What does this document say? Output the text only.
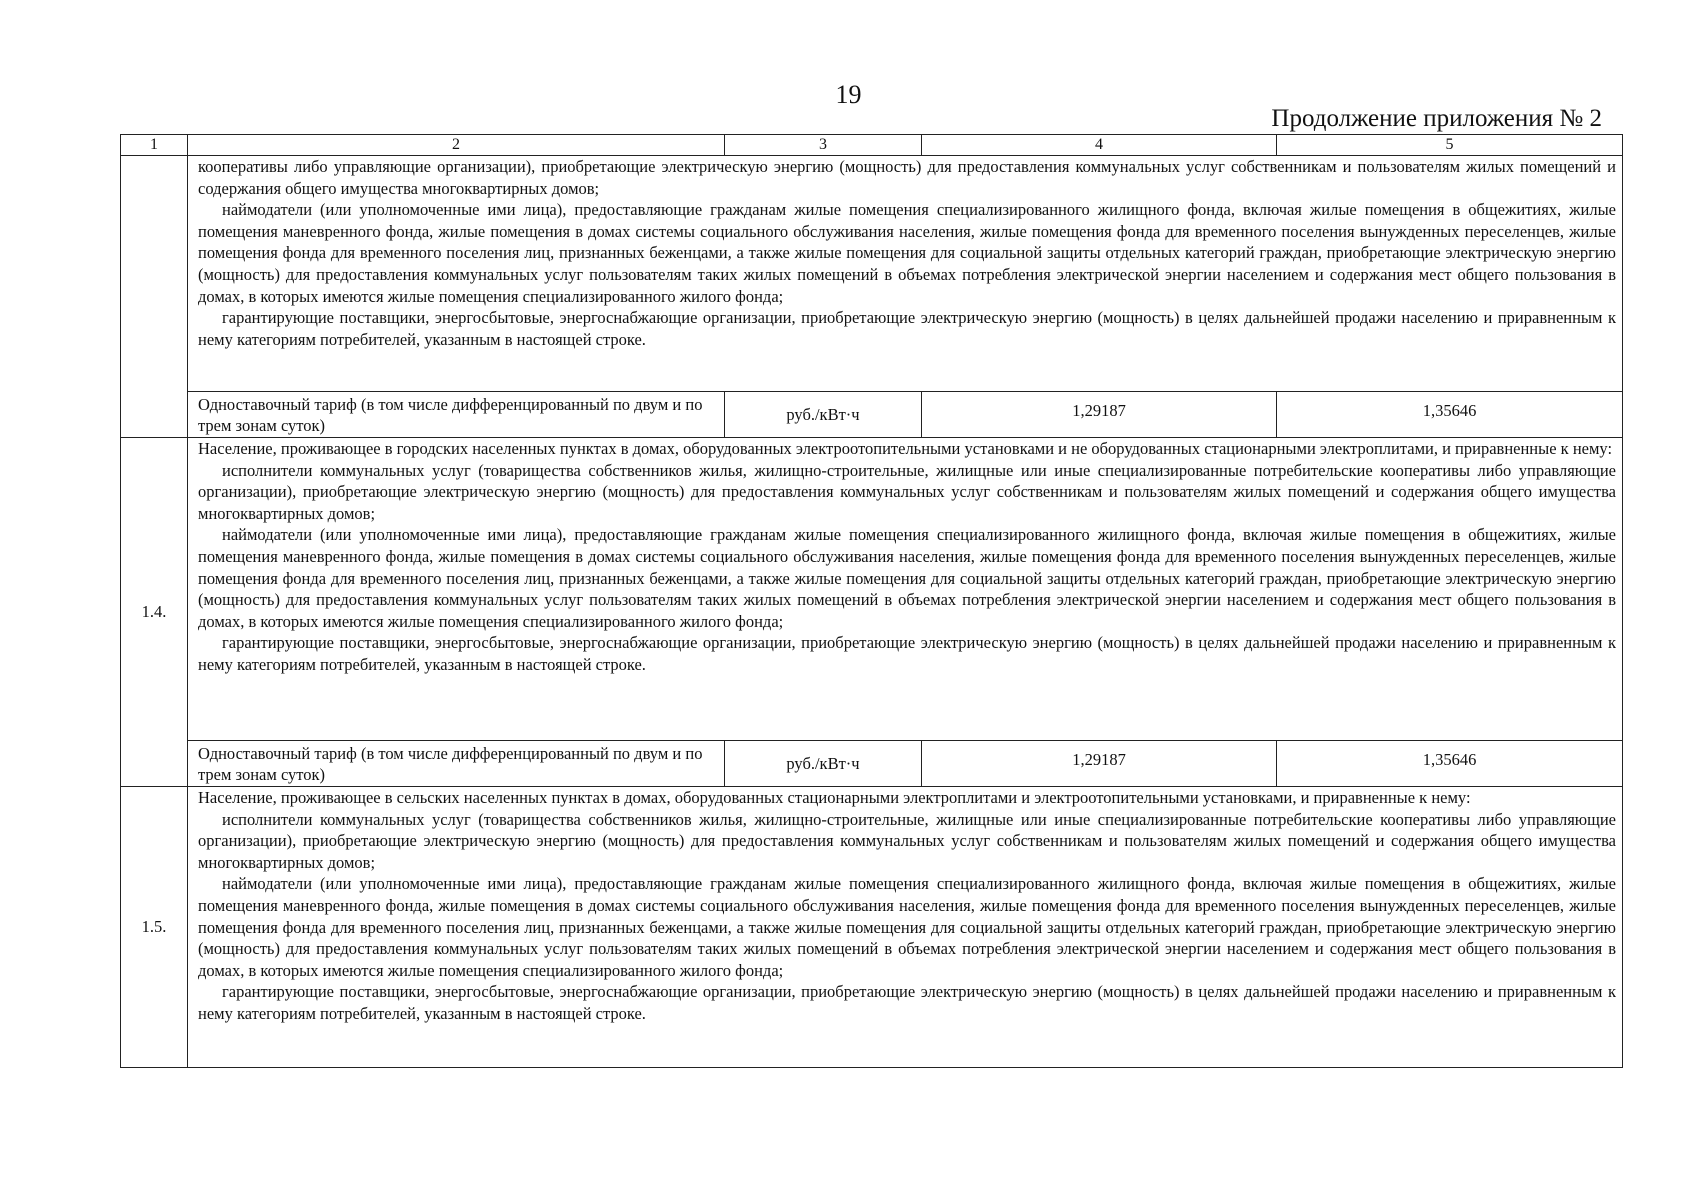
19
Продолжение приложения № 2
1	2	3	4	5

	кооперативы либо управляющие организации), приобретающие электрическую энергию (мощность) для предоставления коммунальных услуг собственникам и пользователям жилых помещений и содержания общего имущества многоквартирных домов;

наймодатели (или уполномоченные ими лица), предоставляющие гражданам жилые помещения специализированного жилищного фонда, включая жилые помещения в общежитиях, жилые помещения маневренного фонда, жилые помещения в домах системы социального обслуживания населения, жилые помещения фонда для временного поселения вынужденных переселенцев, жилые помещения фонда для временного поселения лиц, признанных беженцами, а также жилые помещения для социальной защиты отдельных категорий граждан, приобретающие электрическую энергию (мощность) для предоставления коммунальных услуг пользователям таких жилых помещений в объемах потребления электрической энергии населением и содержания мест общего пользования в домах, в которых имеются жилые помещения специализированного жилого фонда;

гарантирующие поставщики, энергосбытовые, энергоснабжающие организации, приобретающие электрическую энергию (мощность) в целях дальнейшей продажи населению и приравненным к нему категориям потребителей, указанным в настоящей строке.			

	Одноставочный тариф (в том числе дифференцированный по двум и по трем зонам суток)	руб./кВт·ч	1,29187	1,35646
1.4.	Население, проживающее в городских населенных пунктах в домах, оборудованных электроотопительными установками и не оборудованных стационарными электроплитами, и приравненные к нему:

исполнители коммунальных услуг (товарищества собственников жилья, жилищно-строительные, жилищные или иные специализированные потребительские кооперативы либо управляющие организации), приобретающие электрическую энергию (мощность) для предоставления коммунальных услуг собственникам и пользователям жилых помещений и содержания общего имущества многоквартирных домов;

наймодатели (или уполномоченные ими лица), предоставляющие гражданам жилые помещения специализированного жилищного фонда, включая жилые помещения в общежитиях, жилые помещения маневренного фонда, жилые помещения в домах системы социального обслуживания населения, жилые помещения фонда для временного поселения вынужденных переселенцев, жилые помещения фонда для временного поселения лиц, признанных беженцами, а также жилые помещения для социальной защиты отдельных категорий граждан, приобретающие электрическую энергию (мощность) для предоставления коммунальных услуг пользователям таких жилых помещений в объемах потребления электрической энергии населением и содержания мест общего пользования в домах, в которых имеются жилые помещения специализированного жилого фонда;

гарантирующие поставщики, энергосбытовые, энергоснабжающие организации, приобретающие электрическую энергию (мощность) в целях дальнейшей продажи населению и приравненным к нему категориям потребителей, указанным в настоящей строке.			

	Одноставочный тариф (в том числе дифференцированный по двум и по трем зонам суток)	руб./кВт·ч	1,29187	1,35646
1.5.	Население, проживающее в сельских населенных пунктах в домах, оборудованных стационарными электроплитами и электроотопительными установками, и приравненные к нему:

исполнители коммунальных услуг (товарищества собственников жилья, жилищно-строительные, жилищные или иные специализированные потребительские кооперативы либо управляющие организации), приобретающие электрическую энергию (мощность) для предоставления коммунальных услуг собственникам и пользователям жилых помещений и содержания общего имущества многоквартирных домов;

наймодатели (или уполномоченные ими лица), предоставляющие гражданам жилые помещения специализированного жилищного фонда, включая жилые помещения в общежитиях, жилые помещения маневренного фонда, жилые помещения в домах системы социального обслуживания населения, жилые помещения фонда для временного поселения вынужденных переселенцев, жилые помещения фонда для временного поселения лиц, признанных беженцами, а также жилые помещения для социальной защиты отдельных категорий граждан, приобретающие электрическую энергию (мощность) для предоставления коммунальных услуг пользователям таких жилых помещений в объемах потребления электрической энергии населением и содержания мест общего пользования в домах, в которых имеются жилые помещения специализированного жилого фонда;

гарантирующие поставщики, энергосбытовые, энергоснабжающие организации, приобретающие электрическую энергию (мощность) в целях дальнейшей продажи населению и приравненным к нему категориям потребителей, указанным в настоящей строке.			
